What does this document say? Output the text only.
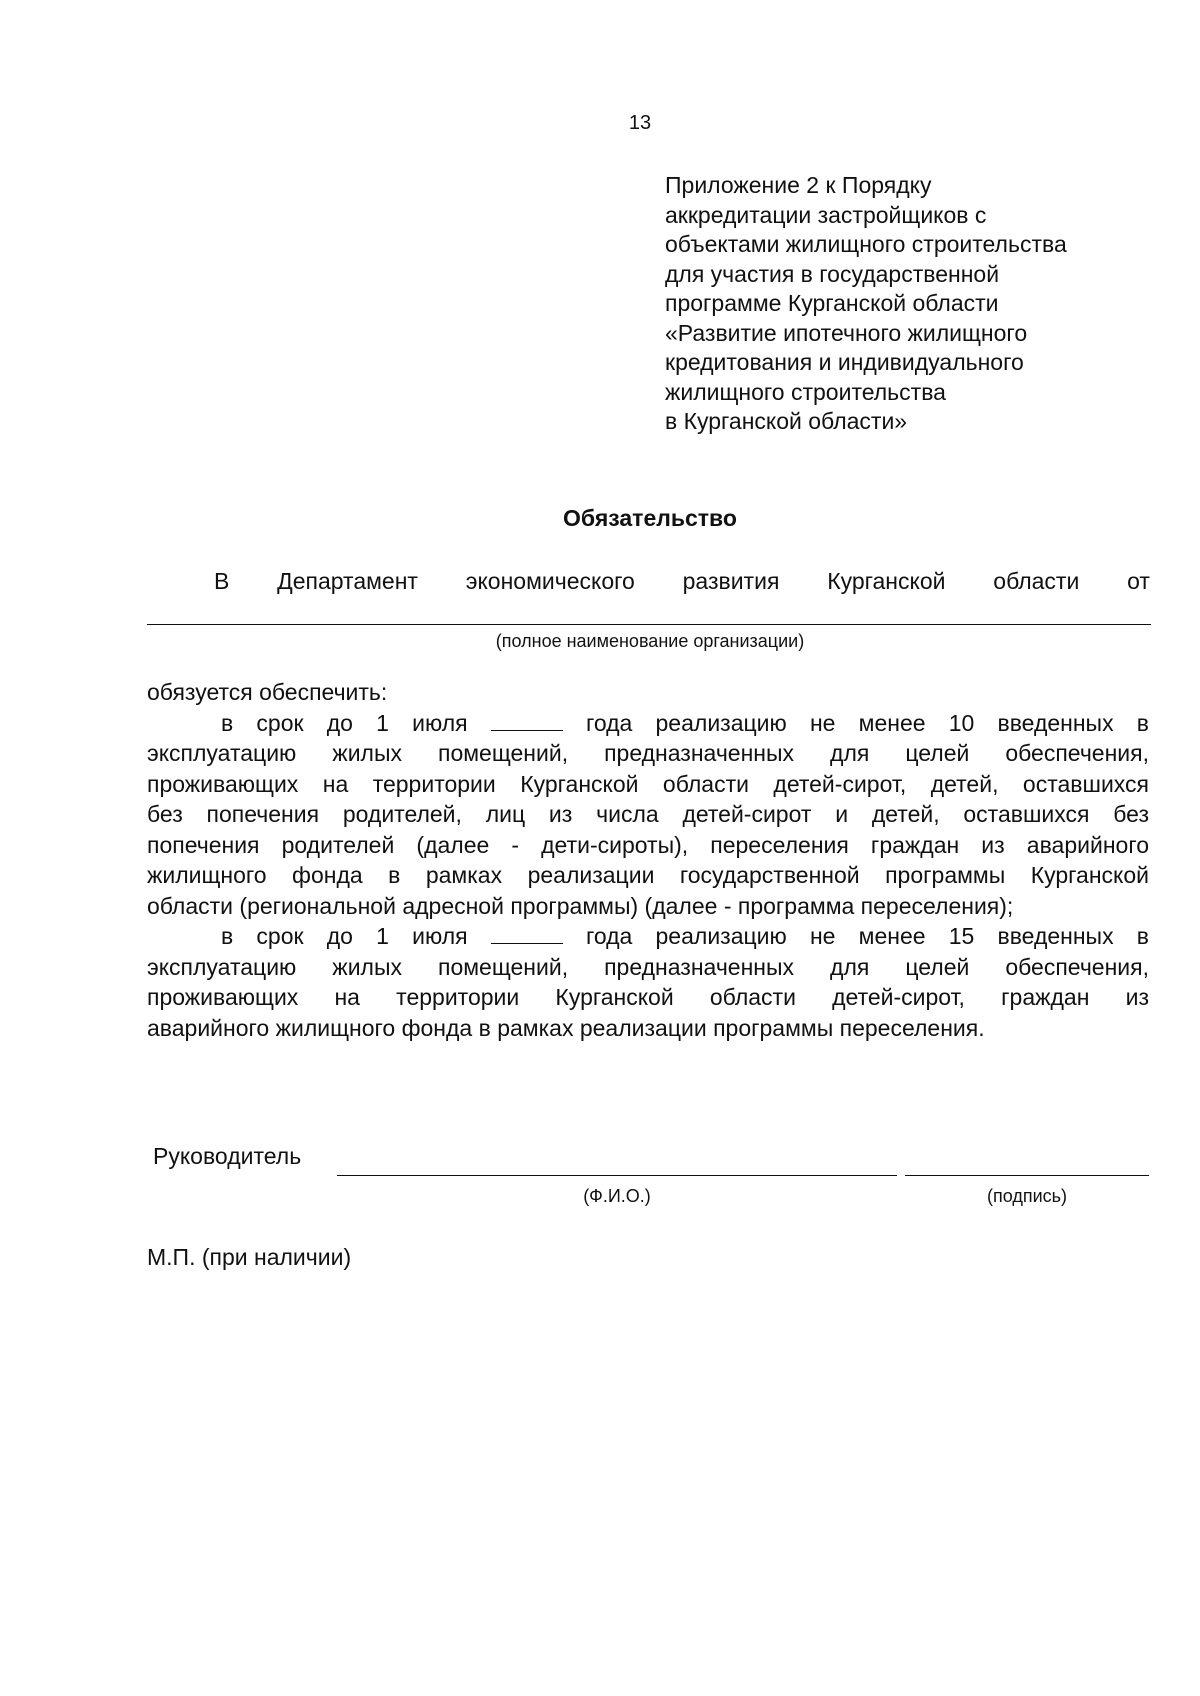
13
Приложение 2 к Порядку
аккредитации застройщиков с
объектами жилищного строительства
для участия в государственной
программе Курганской области
«Развитие ипотечного жилищного
кредитования и индивидуального
жилищного строительства
в Курганской области»
Обязательство
В Департамент экономического развития Курганской области от
(полное наименование организации)
обязуется обеспечить:
в срок до 1 июля	года реализацию не менее 10 введенных в
эксплуатацию жилых помещений, предназначенных для целей обеспечения,
проживающих на территории Курганской области детей-сирот, детей, оставшихся
без попечения родителей, лиц из числа детей-сирот и детей, оставшихся без
попечения родителей (далее - дети-сироты), переселения граждан из аварийного
жилищного фонда в рамках реализации государственной программы Курганской
области (региональной адресной программы) (далее - программа переселения);
в срок до 1 июля	года реализацию не менее 15 введенных в
эксплуатацию жилых помещений, предназначенных для целей обеспечения,
проживающих на территории Курганской области детей-сирот, граждан из
аварийного жилищного фонда в рамках реализации программы переселения.
Руководитель
(Ф.И.О.)	(подпись)
М.П. (при наличии)
